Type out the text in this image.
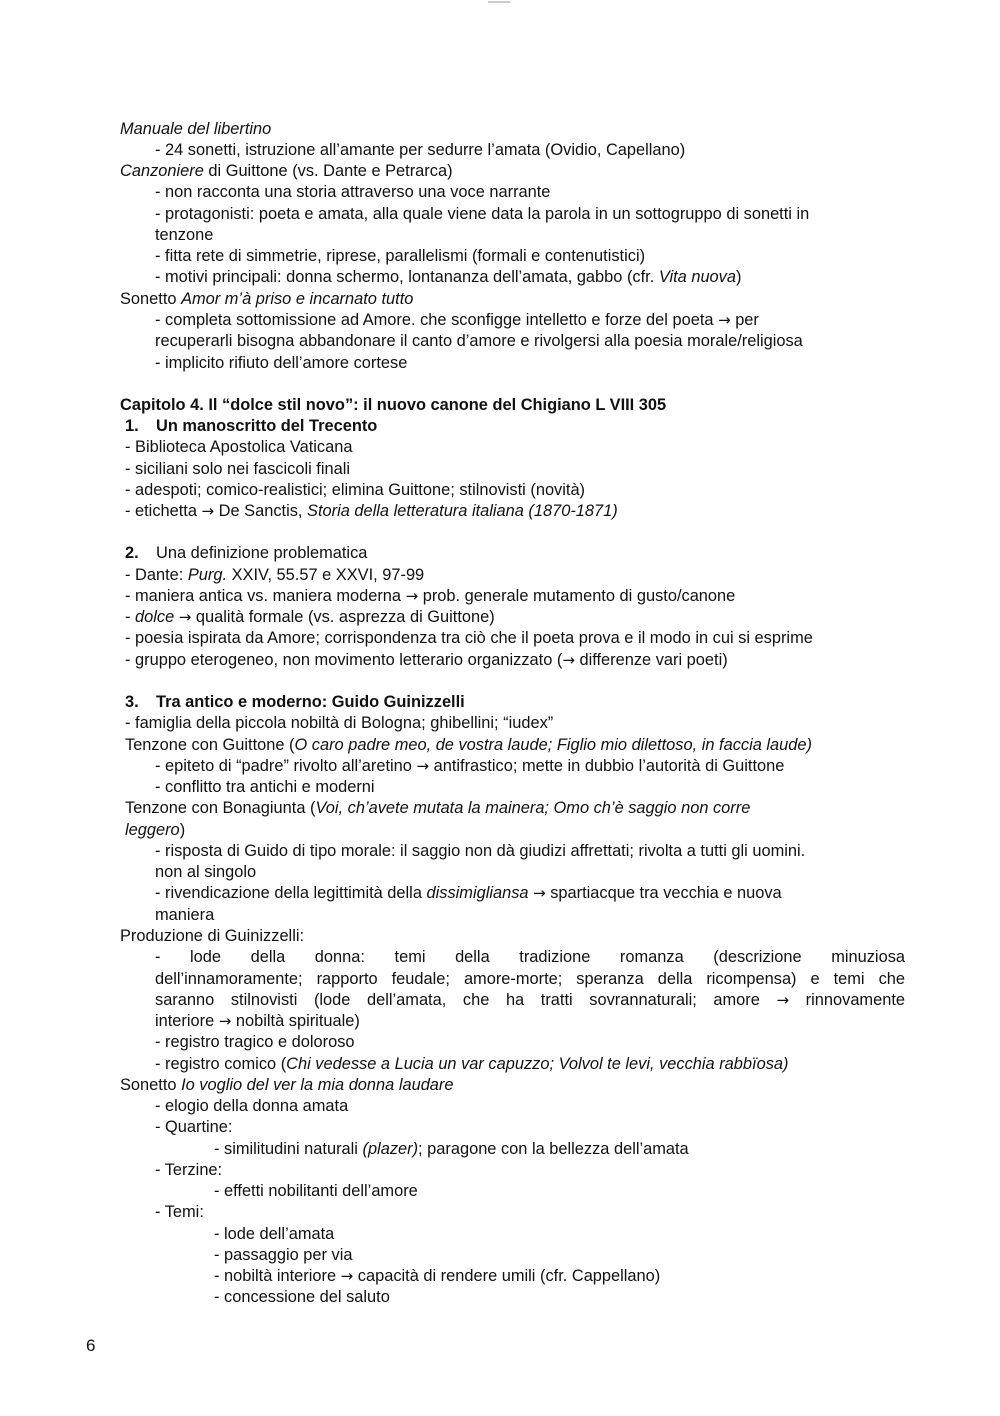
Manuale del libertino
- 24 sonetti, istruzione all’amante per sedurre l’amata (Ovidio, Capellano)
Canzoniere di Guittone (vs. Dante e Petrarca)
- non racconta una storia attraverso una voce narrante
- protagonisti: poeta e amata, alla quale viene data la parola in un sottogruppo di sonetti in
tenzone
- fitta rete di simmetrie, riprese, parallelismi (formali e contenutistici)
- motivi principali: donna schermo, lontananza dell’amata, gabbo (cfr. Vita nuova)
Sonetto Amor m’à priso e incarnato tutto
- completa sottomissione ad Amore. che sconfigge intelletto e forze del poeta → per
recuperarli bisogna abbandonare il canto d’amore e rivolgersi alla poesia morale/religiosa
- implicito rifiuto dell’amore cortese
Capitolo 4. Il “dolce stil novo”: il nuovo canone del Chigiano L VIII 305
1. Un manoscritto del Trecento
- Biblioteca Apostolica Vaticana
- siciliani solo nei fascicoli finali
- adespoti; comico-realistici; elimina Guittone; stilnovisti (novità)
- etichetta → De Sanctis, Storia della letteratura italiana (1870-1871)
2. Una definizione problematica
- Dante: Purg. XXIV, 55.57 e XXVI, 97-99
- maniera antica vs. maniera moderna → prob. generale mutamento di gusto/canone
- dolce → qualità formale (vs. asprezza di Guittone)
- poesia ispirata da Amore; corrispondenza tra ciò che il poeta prova e il modo in cui si esprime
- gruppo eterogeneo, non movimento letterario organizzato (→ differenze vari poeti)
3. Tra antico e moderno: Guido Guinizzelli
- famiglia della piccola nobiltà di Bologna; ghibellini; “iudex”
Tenzone con Guittone (O caro padre meo, de vostra laude; Figlio mio dilettoso, in faccia laude)
- epiteto di “padre” rivolto all’aretino → antifrastico; mette in dubbio l’autorità di Guittone
- conflitto tra antichi e moderni
Tenzone con Bonagiunta (Voi, ch’avete mutata la mainera; Omo ch’è saggio non corre
leggero)
- risposta di Guido di tipo morale: il saggio non dà giudizi affrettati; rivolta a tutti gli uomini.
non al singolo
- rivendicazione della legittimità della dissimigliansa → spartiacque tra vecchia e nuova
maniera
Produzione di Guinizzelli:
- lode della donna: temi della tradizione romanza (descrizione minuziosa
dell’innamoramente; rapporto feudale; amore-morte; speranza della ricompensa) e temi che
saranno stilnovisti (lode dell’amata, che ha tratti sovrannaturali; amore → rinnovamente
interiore → nobiltà spirituale)
- registro tragico e doloroso
- registro comico (Chi vedesse a Lucia un var capuzzo; Volvol te levi, vecchia rabbïosa)
Sonetto Io voglio del ver la mia donna laudare
- elogio della donna amata
- Quartine:
- similitudini naturali (plazer); paragone con la bellezza dell’amata
- Terzine:
- effetti nobilitanti dell’amore
- Temi:
- lode dell’amata
- passaggio per via
- nobiltà interiore → capacità di rendere umili (cfr. Cappellano)
- concessione del saluto
6
